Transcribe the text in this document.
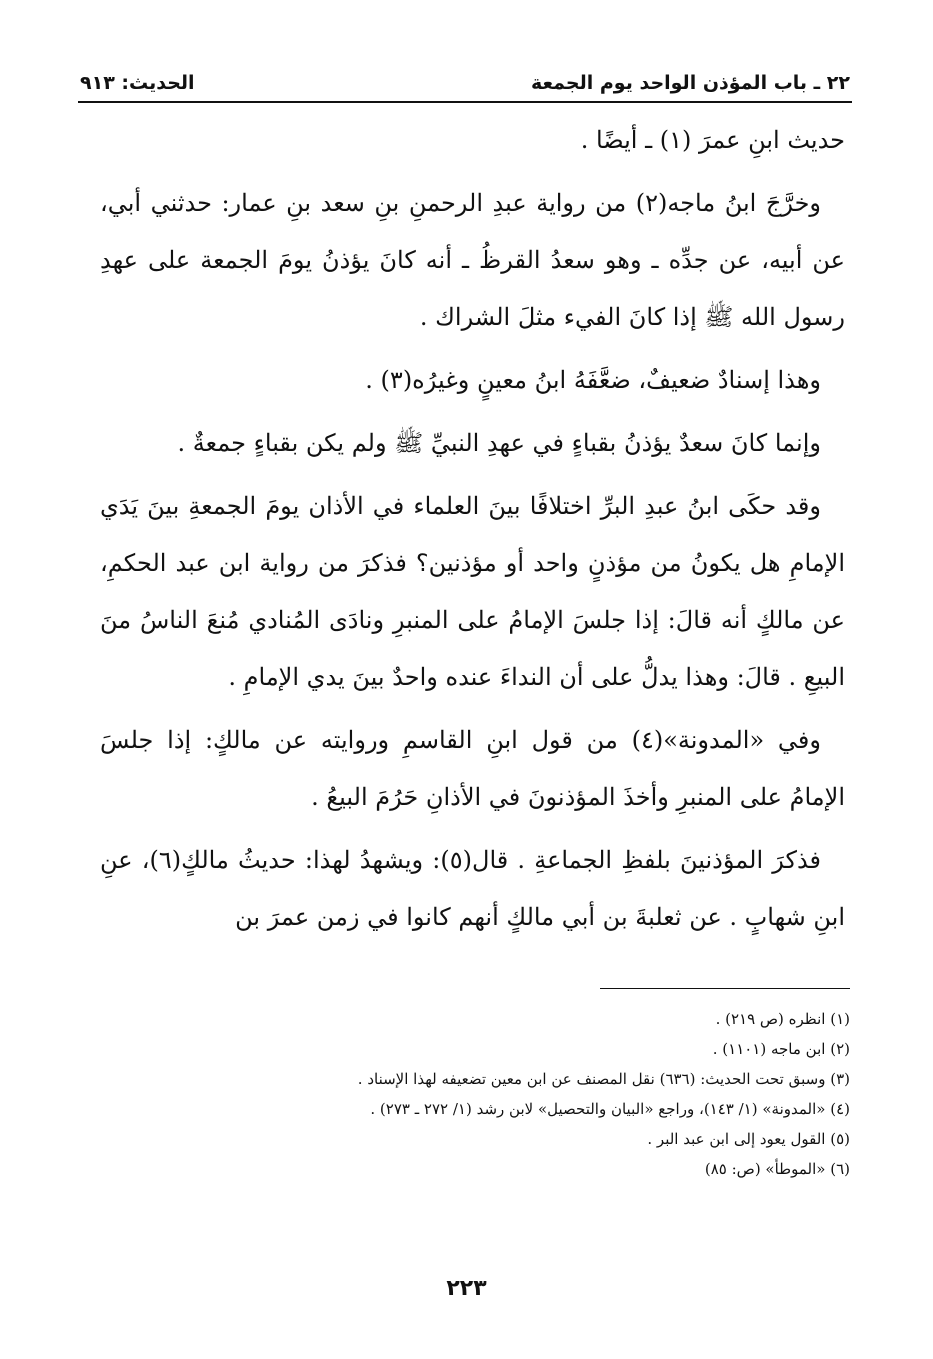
٢٢ ـ باب المؤذن الواحد يوم الجمعة
الحديث: ٩١٣

حديث ابنِ عمرَ (١) ـ أيضًا .

وخرَّجَ ابنُ ماجه(٢) من رواية عبدِ الرحمنِ بنِ سعد بنِ عمار: حدثني أبي، عن أبيه، عن جدِّه ـ وهو سعدُ القرظُ ـ أنه كانَ يؤذنُ يومَ الجمعة على عهدِ رسول الله ﷺ إذا كانَ الفيء مثلَ الشراك .

وهذا إسنادٌ ضعيفٌ، ضعَّفَهُ ابنُ معينٍ وغيرُه(٣) .

وإنما كانَ سعدٌ يؤذنُ بقباءٍ في عهدِ النبيِّ ﷺ ولم يكن بقباءٍ جمعةٌ .

وقد حكَى ابنُ عبدِ البرِّ اختلافًا بينَ العلماء في الأذان يومَ الجمعةِ بينَ يَدَي الإمامِ هل يكونُ من مؤذنٍ واحد أو مؤذنين؟ فذكرَ من رواية ابن عبد الحكمِ، عن مالكٍ أنه قالَ: إذا جلسَ الإمامُ على المنبرِ ونادَى المُنادي مُنعَ الناسُ منَ البيعِ . قالَ: وهذا يدلُّ على أن النداءَ عنده واحدٌ بينَ يدي الإمامِ .

وفي «المدونة»(٤) من قول ابنِ القاسمِ وروايته عن مالكٍ: إذا جلسَ الإمامُ على المنبرِ وأخذَ المؤذنونَ في الأذانِ حَرُمَ البيعُ .

فذكرَ المؤذنينَ بلفظِ الجماعةِ . قال(٥): ويشهدُ لهذا: حديثُ مالكٍ(٦)، عنِ ابنِ شهابٍ . عن ثعلبةَ بن أبي مالكٍ أنهم كانوا في زمن عمرَ بن

(١) انظره (ص ٢١٩) .
(٢) ابن ماجه (١١٠١) .
(٣) وسبق تحت الحديث: (٦٣٦) نقل المصنف عن ابن معين تضعيفه لهذا الإسناد .
(٤) «المدونة» (١/ ١٤٣)، وراجع «البيان والتحصيل» لابن رشد (١/ ٢٧٢ ـ ٢٧٣) .
(٥) القول يعود إلى ابن عبد البر .
(٦) «الموطأ» (ص: ٨٥)
٢٢٣
